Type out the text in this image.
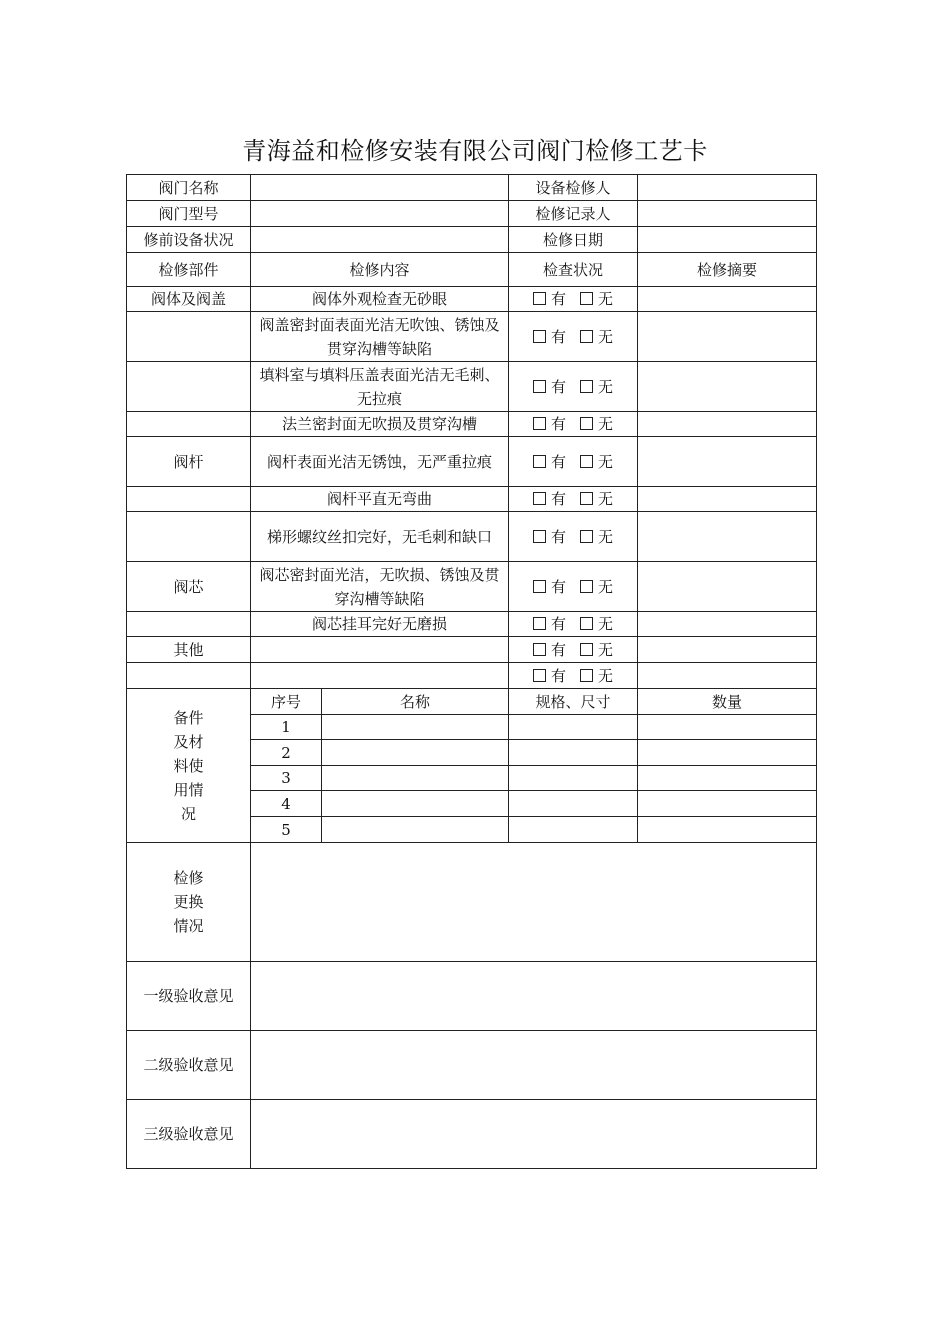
青海益和检修安装有限公司阀门检修工艺卡
阀门名称			设备检修人	
阀门型号			检修记录人	
修前设备状况			检修日期	
检修部件	检修内容		检查状况	检修摘要
阀体及阀盖	阀体外观检查无砂眼		有 无	
	阀盖密封面表面光洁无吹蚀、锈蚀及贯穿沟槽等缺陷		有 无	
	填料室与填料压盖表面光洁无毛刺、无拉痕		有 无	
	法兰密封面无吹损及贯穿沟槽		有 无	
阀杆	阀杆表面光洁无锈蚀，无严重拉痕		有 无	
	阀杆平直无弯曲		有 无	
	梯形螺纹丝扣完好，无毛刺和缺口		有 无	
阀芯	阀芯密封面光洁，无吹损、锈蚀及贯穿沟槽等缺陷		有 无	
	阀芯挂耳完好无磨损		有 无	
其他			有 无	
			有 无	

备件
及材
料使
用情
况	序号	名称	规格、尺寸	数量
	1			
	2			
	3			
	4			
	5			

检修
更换
情况				

一级验收意见				
二级验收意见				
三级验收意见				
